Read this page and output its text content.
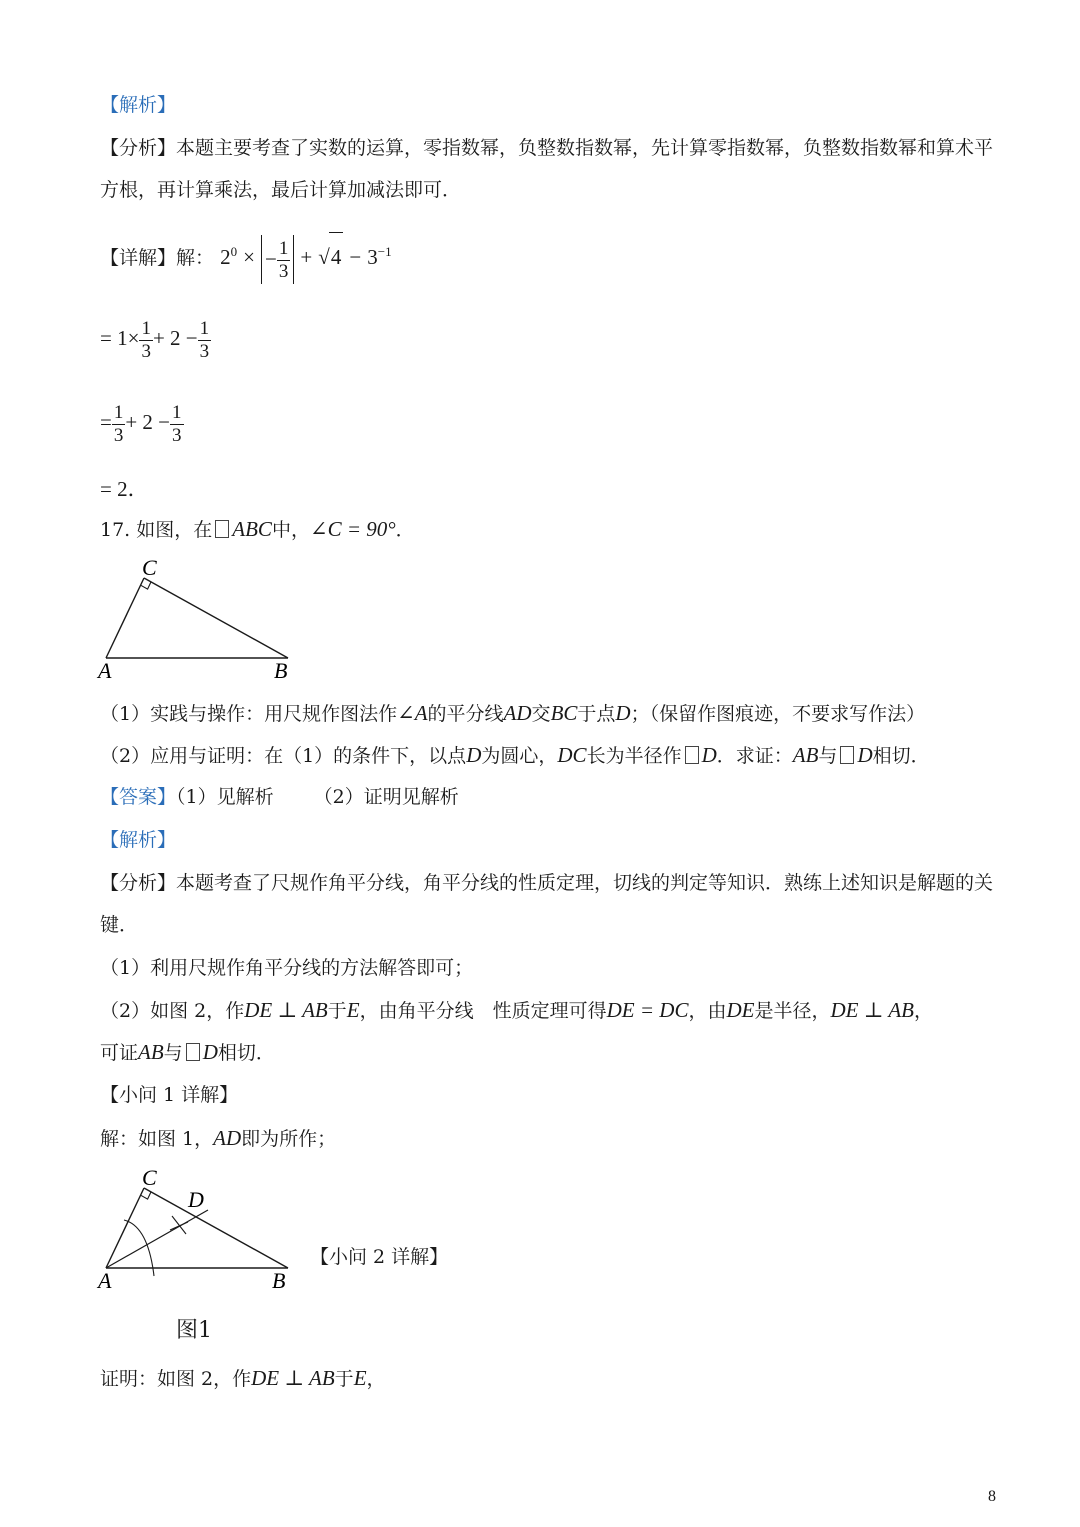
【解析】
【分析】本题主要考查了实数的运算，零指数幂，负整数指数幂，先计算零指数幂，负整数指数幂和算术平
方根，再计算乘法，最后计算加减法即可．
【详解】解： $2^0$ × − $\frac{1}{3} + √4 - 3^{-1}$
= $1\times \frac{1}{3} + 2 - \frac{1}{3}$
= $\frac{1}{3} + 2 - \frac{1}{3}$
= 2．
17. 如图，在 ABC中，∠C = 90°．
C
A	B
（1）实践与操作：用尺规作图法作∠A的平分线AD交BC于点D；（保留作图痕迹，不要求写作法）
（2）应用与证明：在（1）的条件下，以点D为圆心，DC长为半径作 D．求证：AB与 D相切．
【答案】（1）见解析 （2）证明见解析
【解析】
【分析】本题考查了尺规作角平分线，角平分线的性质定理，切线的判定等知识．熟练上述知识是解题的关
键．
（1）利用尺规作角平分线的方法解答即可；
（2）如图 2，作DE ⊥ AB于E，由角平分线　性质定理可得DE = DC，由DE是半径，DE ⊥ AB，
可证AB与 D相切．
【小问 1 详解】
解：如图 1，AD即为所作；
C
D
A	B
【小问 2 详解】
图1
证明：如图 2，作DE ⊥ AB于E，
8
